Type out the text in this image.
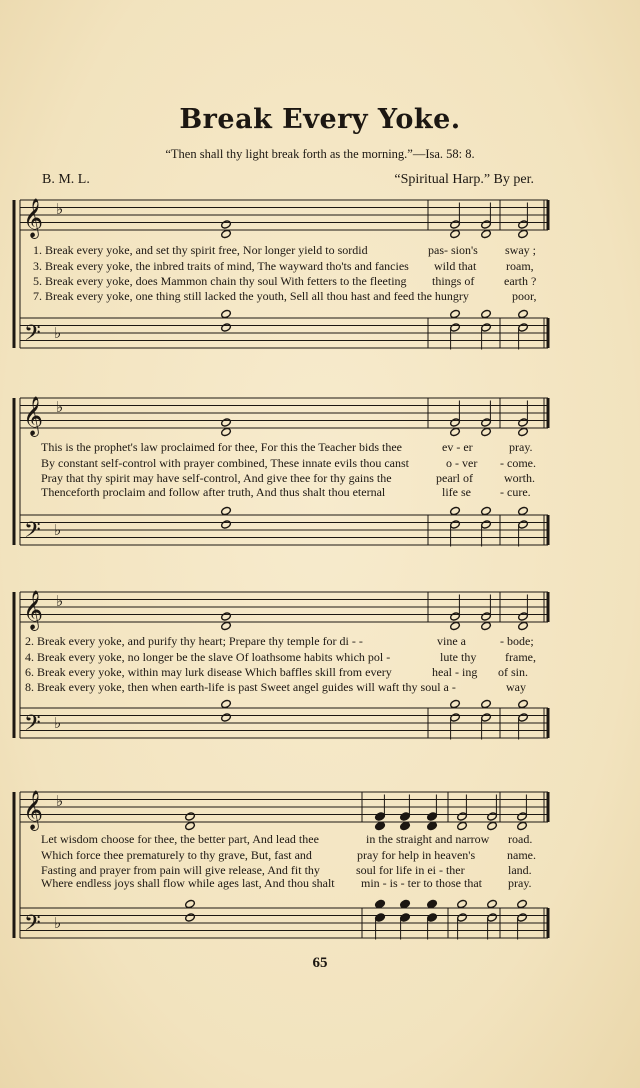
Break Every Yoke.
“Then shall thy light break forth as the morning.”—Isa. 58: 8.
B. M. L.	“Spiritual Harp.” By per.
1. Break every yoke, and set thy spirit free, Nor longer yield to sordid	pas- sion's sway ;
3. Break every yoke, the inbred traits of mind, The wayward tho'ts and fancies wild that roam,
5. Break every yoke, does Mammon chain thy soul With fetters to the fleeting things of earth ?
7. Break every yoke, one thing still lacked the youth, Sell all thou hast and feed the hungry	poor,
This is the prophet's law proclaimed for thee, For this the Teacher bids thee	ev - er	pray.
By constant self-control with prayer combined, These innate evils thou canst	o - ver - come.
Pray that thy spirit may have self-control, And give thee for thy gains the	pearl of	worth.
Thenceforth proclaim and follow after truth, And thus shalt thou eternal	life se - cure.
2. Break every yoke, and purify thy heart; Prepare thy temple for di - -	vine a	- bode;
4. Break every yoke, no longer be the slave Of loathsome habits which pol -	lute thy frame,
6. Break every yoke, within may lurk disease Which baffles skill from every	heal - ing of sin.
8. Break every yoke, then when earth-life is past Sweet angel guides will waft thy soul a -	way
Let wisdom choose for thee, the better part, And lead thee	in the straight and narrow road.
Which force thee prematurely to thy grave, But, fast and	pray for help in heaven's	name.
Fasting and prayer from pain will give release, And fit thy	soul for life in ei - ther	land.
Where endless joys shall flow while ages last, And thou shalt min - is - ter to those that pray.
65
𝄞 ♭
𝄢 ♭
𝄞 ♭
𝄢 ♭
𝄞 ♭
𝄢 ♭
𝄞 ♭
𝄢 ♭
